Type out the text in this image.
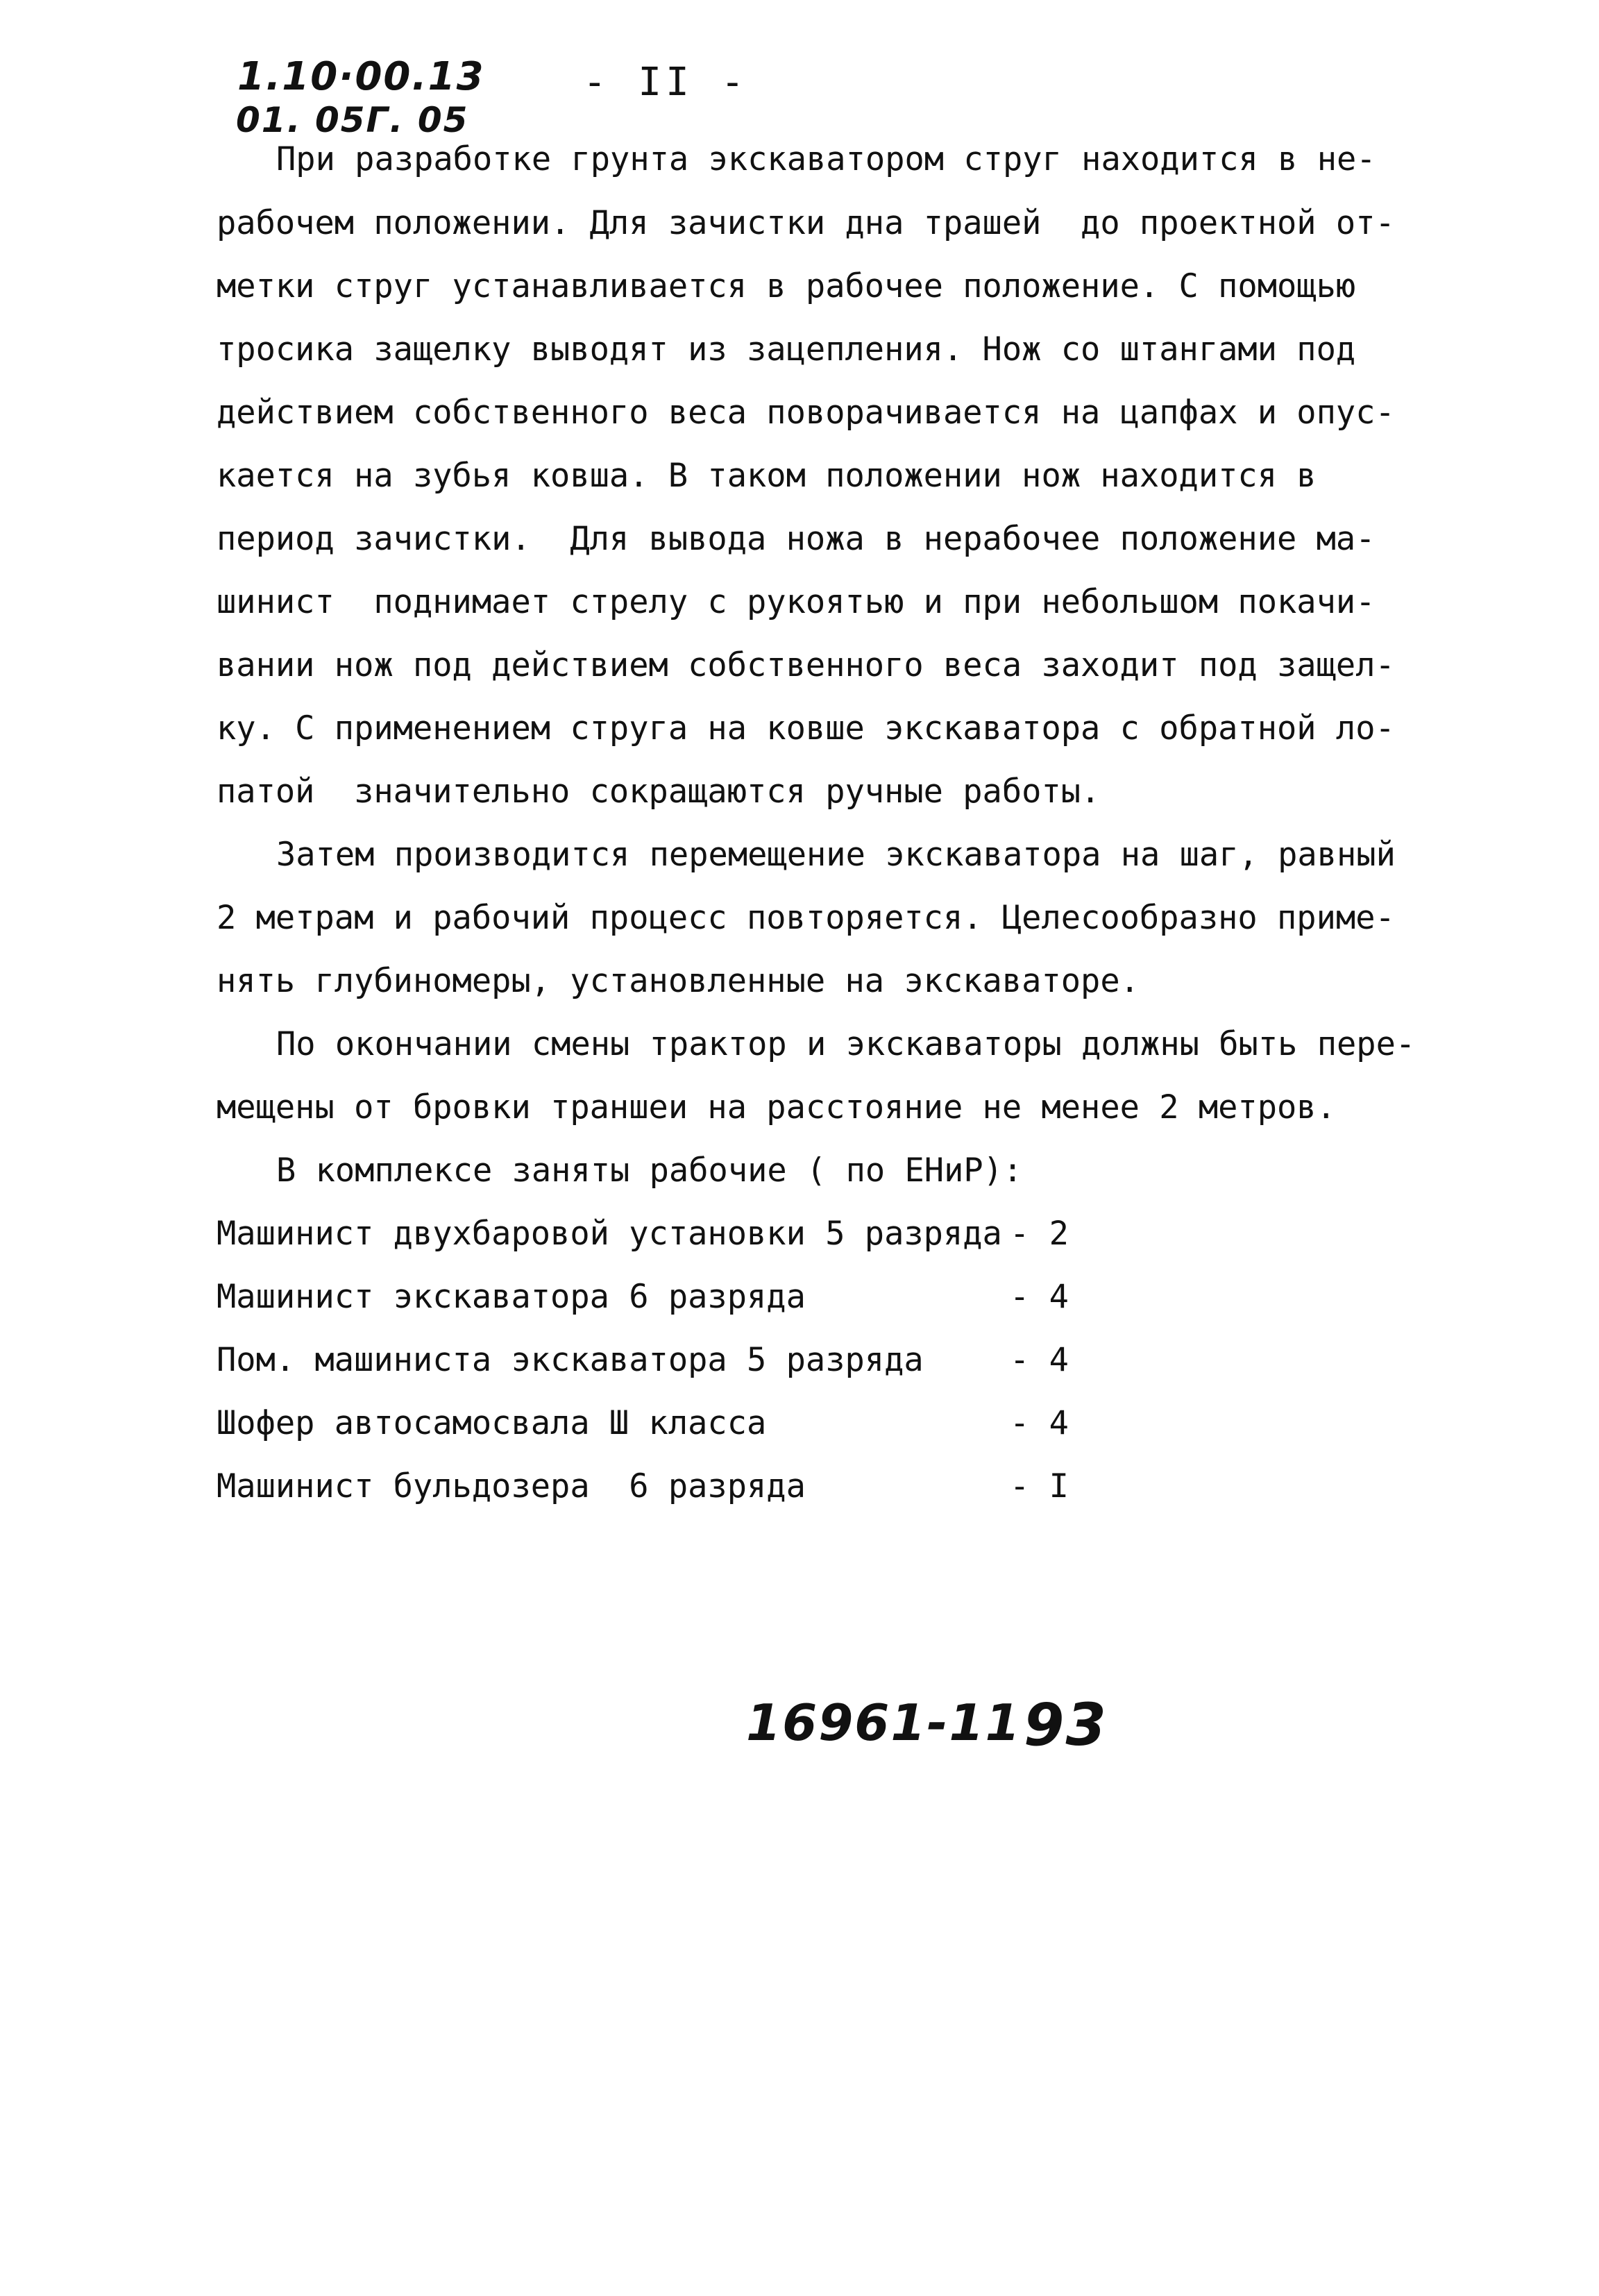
1.10·00.13
01. 05Г. 05
- II -
При разработке грунта экскаватором струг находится в не-
рабочем положении. Для зачистки дна трашей  до проектной от-
метки струг устанавливается в рабочее положение. С помощью
тросика защелку выводят из зацепления. Нож со штангами под
действием собственного веса поворачивается на цапфах и опус-
кается на зубья ковша. В таком положении нож находится в
период зачистки.  Для вывода ножа в нерабочее положение ма-
шинист  поднимает стрелу с рукоятью и при небольшом покачи-
вании нож под действием собственного веса заходит под защел-
ку. С применением струга на ковше экскаватора с обратной ло-
патой  значительно сокращаются ручные работы.
Затем производится перемещение экскаватора на шаг, равный
2 метрам и рабочий процесс повторяется. Целесообразно приме-
нять глубиномеры, установленные на экскаваторе.
По окончании смены трактор и экскаваторы должны быть пере-
мещены от бровки траншеи на расстояние не менее 2 метров.
В комплексе заняты рабочие ( по ЕНиР):
Машинист двухбаровой установки 5 разряда - 2
Машинист экскаватора 6 разряда	- 4
Пом. машиниста экскаватора 5 разряда	- 4
Шофер автосамосвала Ш класса	- 4
Машинист бульдозера  6 разряда	- I
16961-11 93
